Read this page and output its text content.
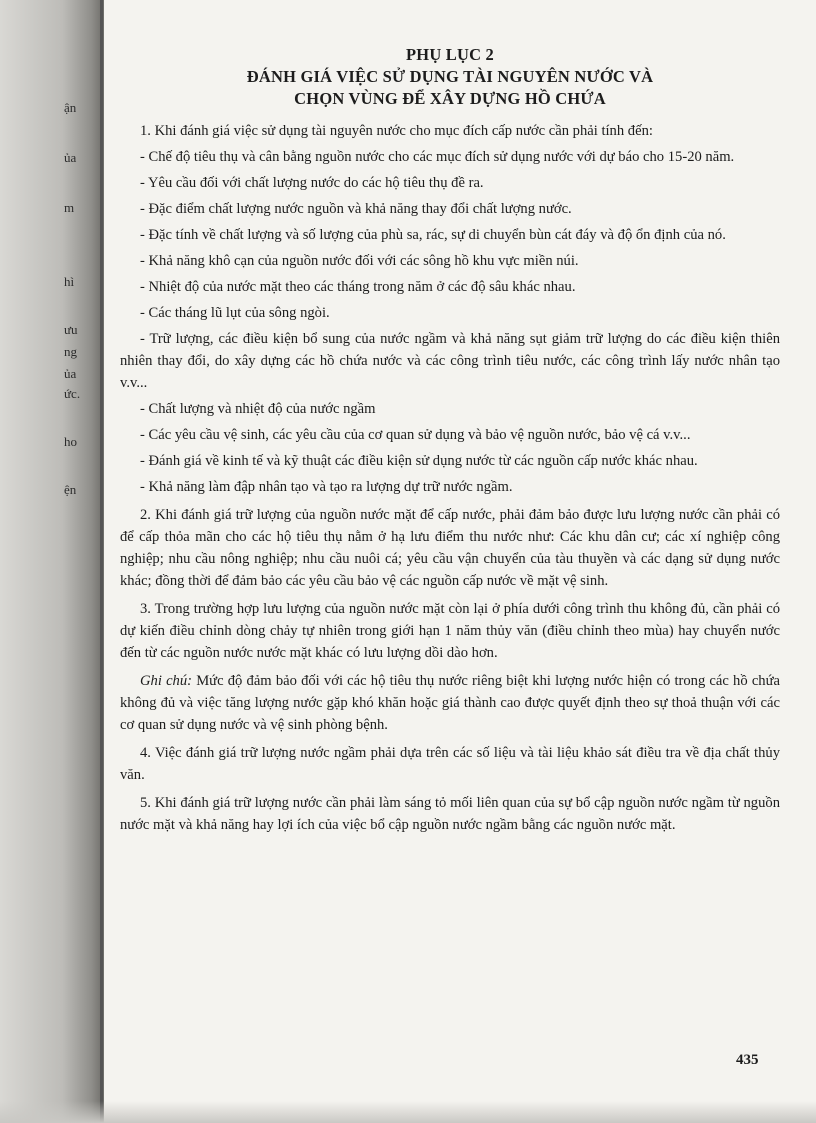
ận
ủa
m
hì
ưu
ng
ủa
ức.
ho
ện

PHỤ LỤC 2

ĐÁNH GIÁ VIỆC SỬ DỤNG TÀI NGUYÊN NƯỚC VÀ

CHỌN VÙNG ĐỂ XÂY DỰNG HỒ CHỨA

1. Khi đánh giá việc sử dụng tài nguyên nước cho mục đích cấp nước cần phải tính đến:

- Chế độ tiêu thụ và cân bằng nguồn nước cho các mục đích sử dụng nước với dự báo cho 15-20 năm.

- Yêu cầu đối với chất lượng nước do các hộ tiêu thụ đề ra.

- Đặc điểm chất lượng nước nguồn và khả năng thay đổi chất lượng nước.

- Đặc tính về chất lượng và số lượng của phù sa, rác, sự di chuyển bùn cát đáy và độ ổn định của nó.

- Khả năng khô cạn của nguồn nước đối với các sông hồ khu vực miền núi.

- Nhiệt độ của nước mặt theo các tháng trong năm ở các độ sâu khác nhau.

- Các tháng lũ lụt của sông ngòi.

- Trữ lượng, các điều kiện bổ sung của nước ngầm và khả năng sụt giảm trữ lượng do các điều kiện thiên nhiên thay đổi, do xây dựng các hồ chứa nước và các công trình tiêu nước, các công trình lấy nước nhân tạo v.v...

- Chất lượng và nhiệt độ của nước ngầm

- Các yêu cầu vệ sinh, các yêu cầu của cơ quan sử dụng và bảo vệ nguồn nước, bảo vệ cá v.v...

- Đánh giá về kinh tế và kỹ thuật các điều kiện sử dụng nước từ các nguồn cấp nước khác nhau.

- Khả năng làm đập nhân tạo và tạo ra lượng dự trữ nước ngầm.

2. Khi đánh giá trữ lượng của nguồn nước mặt để cấp nước, phải đảm bảo được lưu lượng nước cần phải có để cấp thỏa mãn cho các hộ tiêu thụ nằm ở hạ lưu điểm thu nước như: Các khu dân cư; các xí nghiệp công nghiệp; nhu cầu nông nghiệp; nhu cầu nuôi cá; yêu cầu vận chuyển của tàu thuyền và các dạng sử dụng nước khác; đồng thời để đảm bảo các yêu cầu bảo vệ các nguồn cấp nước về mặt vệ sinh.

3. Trong trường hợp lưu lượng của nguồn nước mặt còn lại ở phía dưới công trình thu không đủ, cần phải có dự kiến điều chỉnh dòng chảy tự nhiên trong giới hạn 1 năm thủy văn (điều chỉnh theo mùa) hay chuyển nước đến từ các nguồn nước nước mặt khác có lưu lượng dồi dào hơn.

Ghi chú: Mức độ đảm bảo đối với các hộ tiêu thụ nước riêng biệt khi lượng nước hiện có trong các hồ chứa không đủ và việc tăng lượng nước gặp khó khăn hoặc giá thành cao được quyết định theo sự thoả thuận với các cơ quan sử dụng nước và vệ sinh phòng bệnh.

4. Việc đánh giá trữ lượng nước ngầm phải dựa trên các số liệu và tài liệu khảo sát điều tra về địa chất thủy văn.

5. Khi đánh giá trữ lượng nước cần phải làm sáng tỏ mối liên quan của sự bổ cập nguồn nước ngầm từ nguồn nước mặt và khả năng hay lợi ích của việc bổ cập nguồn nước ngầm bằng các nguồn nước mặt.

435
